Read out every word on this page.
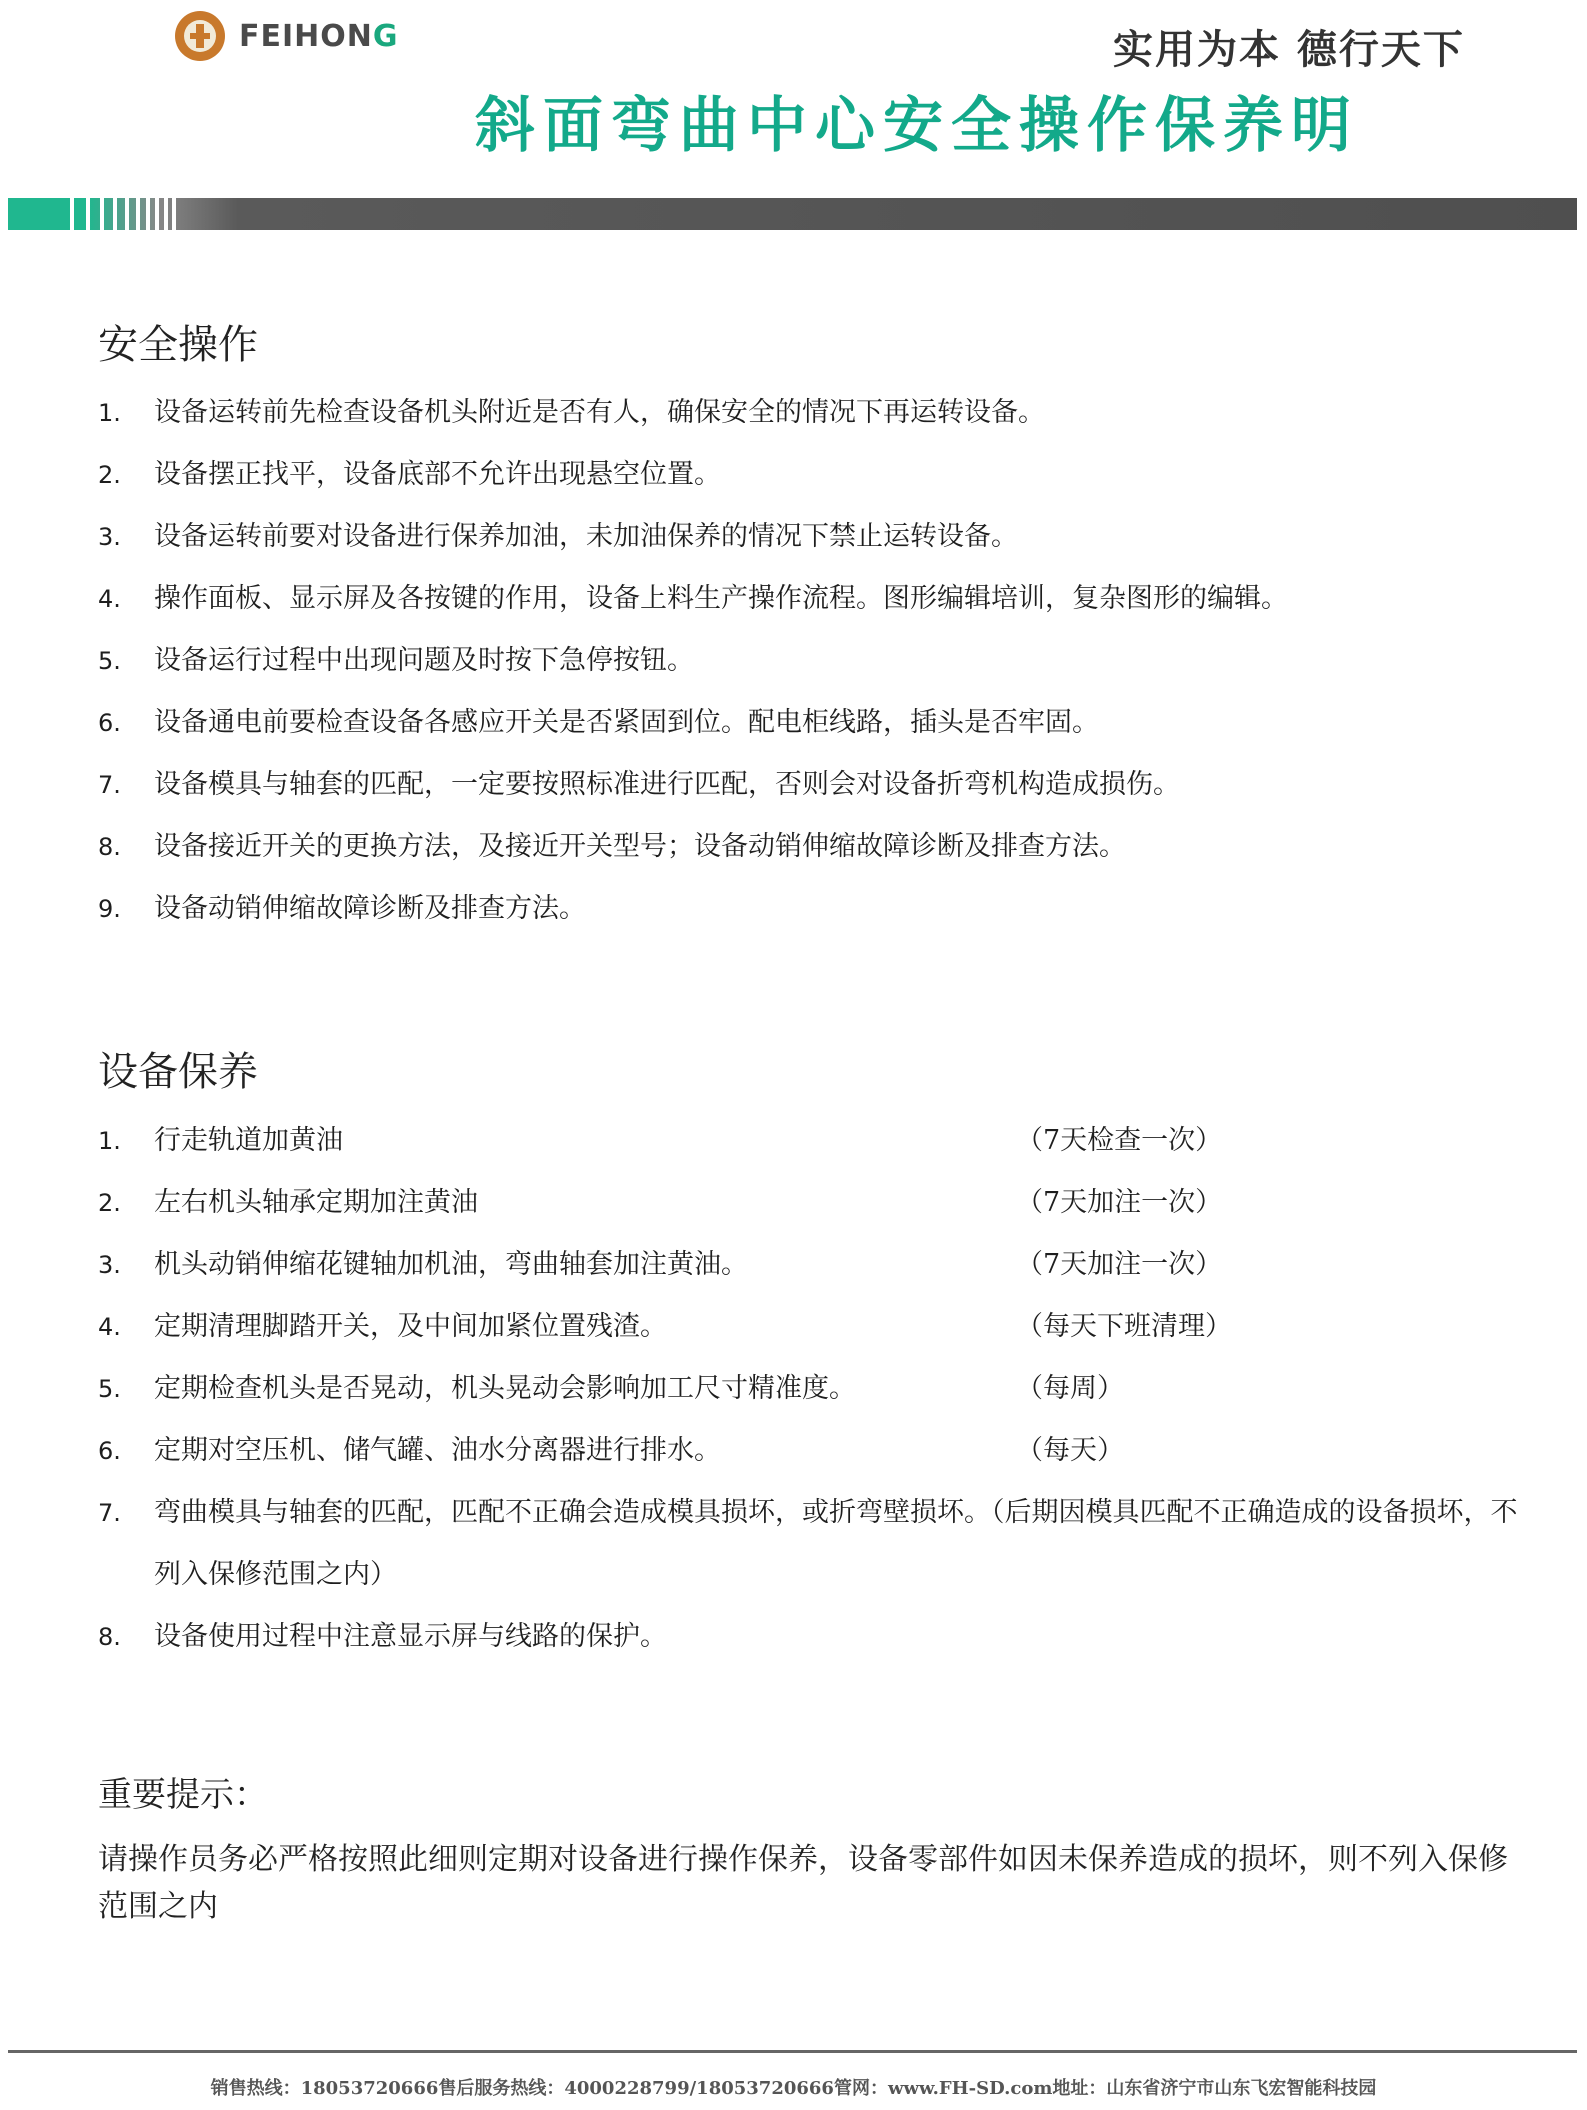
FEIHONG	实用为本 德行天下
斜面弯曲中心安全操作保养明
安全操作
1.	设备运转前先检查设备机头附近是否有人，确保安全的情况下再运转设备。
2.	设备摆正找平，设备底部不允许出现悬空位置。
3.	设备运转前要对设备进行保养加油，未加油保养的情况下禁止运转设备。
4.	操作面板、显示屏及各按键的作用，设备上料生产操作流程。图形编辑培训，复杂图形的编辑。
5.	设备运行过程中出现问题及时按下急停按钮。
6.	设备通电前要检查设备各感应开关是否紧固到位。配电柜线路，插头是否牢固。
7.	设备模具与轴套的匹配，一定要按照标准进行匹配，否则会对设备折弯机构造成损伤。
8.	设备接近开关的更换方法，及接近开关型号；设备动销伸缩故障诊断及排查方法。
9.	设备动销伸缩故障诊断及排查方法。
设备保养
1.	行走轨道加黄油	（7天检查一次）
2.	左右机头轴承定期加注黄油	（7天加注一次）
3.	机头动销伸缩花键轴加机油，弯曲轴套加注黄油。	（7天加注一次）
4.	定期清理脚踏开关，及中间加紧位置残渣。	（每天下班清理）
5.	定期检查机头是否晃动，机头晃动会影响加工尺寸精准度。	（每周）
6.	定期对空压机、储气罐、油水分离器进行排水。	（每天）
7.	弯曲模具与轴套的匹配，匹配不正确会造成模具损坏，或折弯壁损坏。（后期因模具匹配不正确造成的设备损坏，不列入保修范围之内）
8.	设备使用过程中注意显示屏与线路的保护。
重要提示：
请操作员务必严格按照此细则定期对设备进行操作保养，设备零部件如因未保养造成的损坏，则不列入保修范围之内
销售热线：18053720666售后服务热线：4000228799/18053720666管网：www.FH-SD.com地址：山东省济宁市山东飞宏智能科技园
